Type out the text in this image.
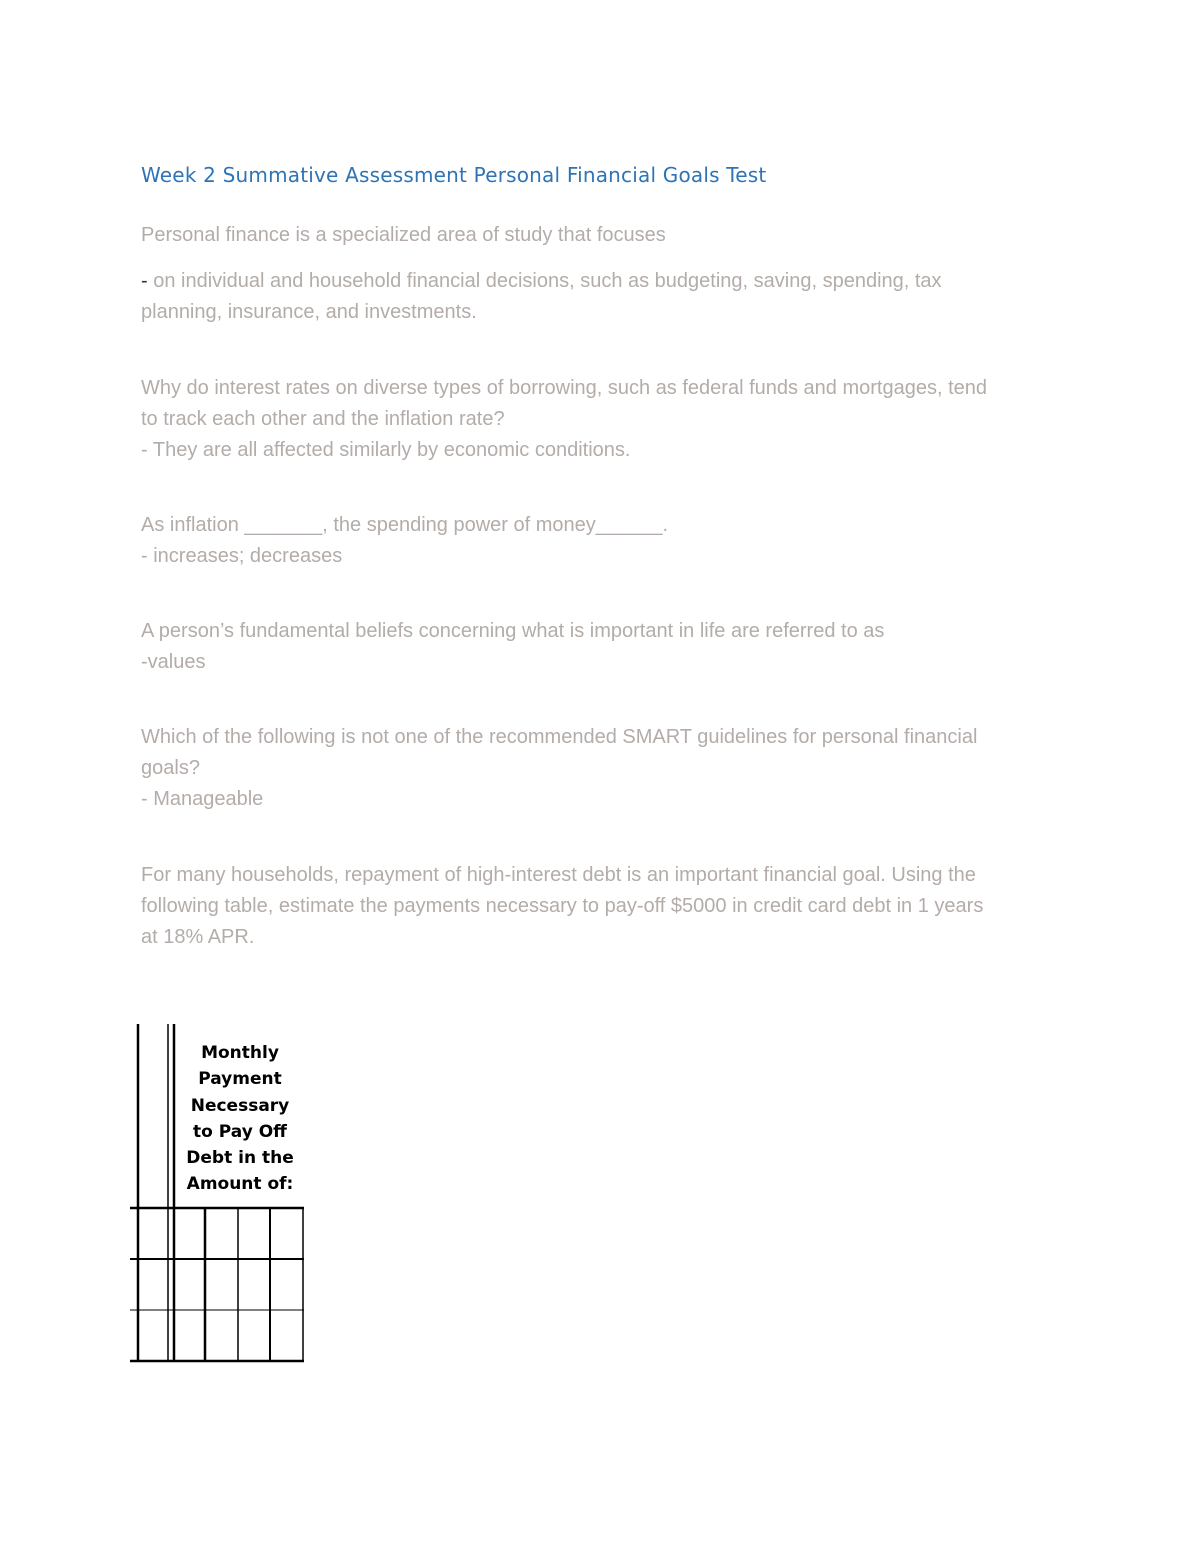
Week 2 Summative Assessment Personal Financial Goals Test
Personal finance is a specialized area of study that focuses
- on individual and household financial decisions, such as budgeting, saving, spending, tax
planning, insurance, and investments.
Why do interest rates on diverse types of borrowing, such as federal funds and mortgages, tend
to track each other and the inflation rate?
- They are all affected similarly by economic conditions.
As inflation _______, the spending power of money______.
- increases; decreases
A person’s fundamental beliefs concerning what is important in life are referred to as
-values
Which of the following is not one of the recommended SMART guidelines for personal financial
goals?
- Manageable
For many households, repayment of high-interest debt is an important financial goal. Using the
following table, estimate the payments necessary to pay-off $5000 in credit card debt in 1 years
at 18% APR.
Monthly
Payment
Necessary
to Pay Off
Debt in the
Amount of:
